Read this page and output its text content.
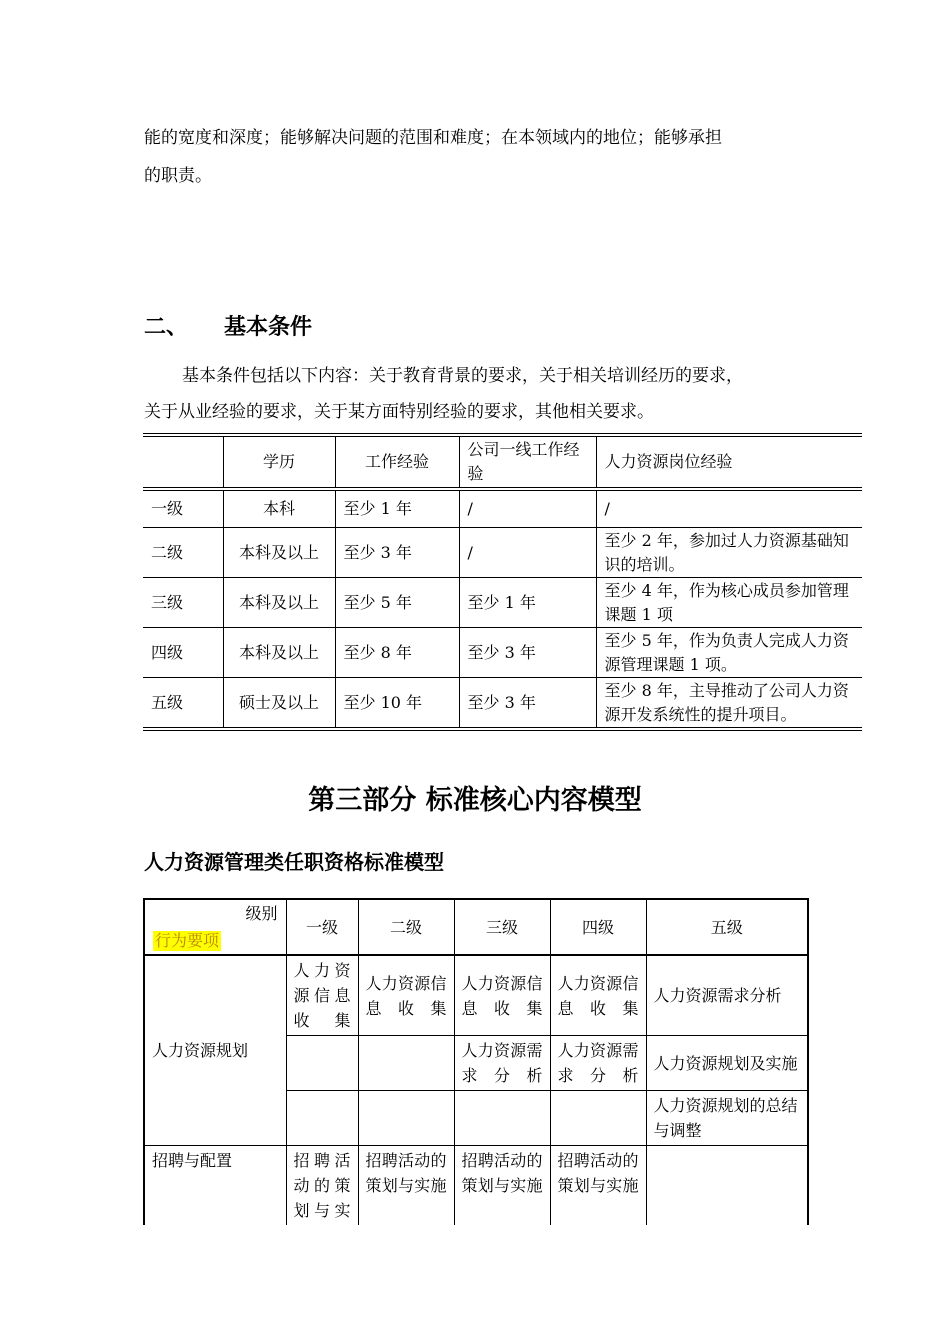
能的宽度和深度；能够解决问题的范围和难度；在本领域内的地位；能够承担

的职责。

二、 基本条件

基本条件包括以下内容：关于教育背景的要求，关于相关培训经历的要求，

关于从业经验的要求，关于某方面特别经验的要求，其他相关要求。

	学历	工作经验	公司一线工作经验	人力资源岗位经验
一级	本科	至少 1 年	/	/
二级	本科及以上	至少 3 年	/	至少 2 年，参加过人力资源基础知识的培训。
三级	本科及以上	至少 5 年	至少 1 年	至少 4 年，作为核心成员参加管理课题 1 项
四级	本科及以上	至少 8 年	至少 3 年	至少 5 年，作为负责人完成人力资源管理课题 1 项。
五级	硕士及以上	至少 10 年	至少 3 年	至少 8 年，主导推动了公司人力资源开发系统性的提升项目。
第三部分 标准核心内容模型
人力资源管理类任职资格标准模型
级别
行为要项	一级	二级	三级	四级	五级
人力资源规划	人力资源信息收集	人力资源信息收集	人力资源信息收集	人力资源信息收集	人力资源需求分析
			人力资源需求分析	人力资源需求分析	人力资源规划及实施
					人力资源规划的总结与调整
招聘与配置	招聘活动的策划与实	招聘活动的策划与实施	招聘活动的策划与实施	招聘活动的策划与实施	
